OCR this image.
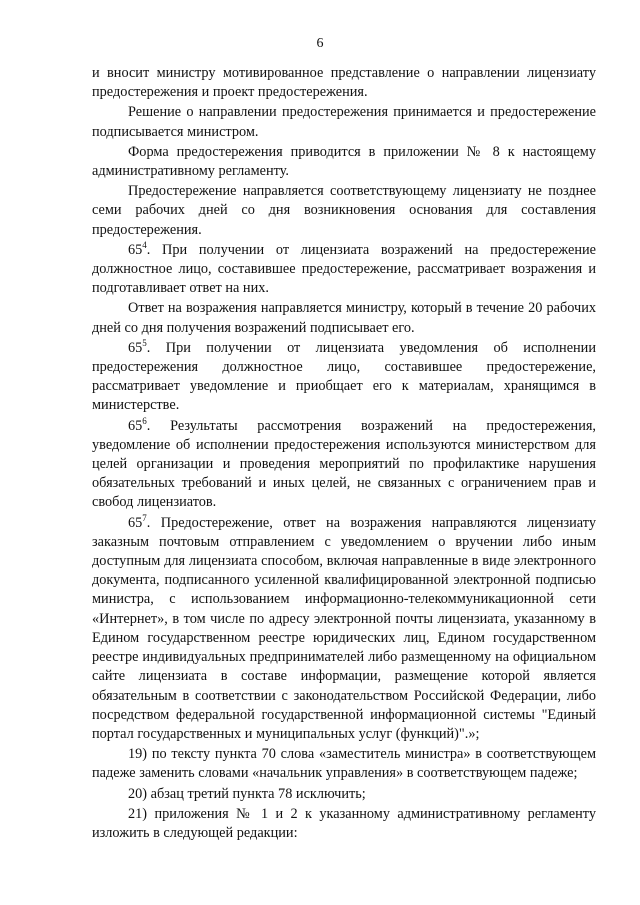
6

и вносит министру мотивированное представление о направлении лицензиату предостережения и проект предостережения.

Решение о направлении предостережения принимается и предостережение подписывается министром.

Форма предостережения приводится в приложении № 8 к настоящему административному регламенту.

Предостережение направляется соответствующему лицензиату не позднее семи рабочих дней со дня возникновения основания для составления предостережения.

$65^4$. При получении от лицензиата возражений на предостережение должностное лицо, составившее предостережение, рассматривает возражения и подготавливает ответ на них.

Ответ на возражения направляется министру, который в течение 20 рабочих дней со дня получения возражений подписывает его.

$65^5$. При получении от лицензиата уведомления об исполнении предостережения должностное лицо, составившее предостережение, рассматривает уведомление и приобщает его к материалам, хранящимся в министерстве.

$65^6$. Результаты рассмотрения возражений на предостережения, уведомление об исполнении предостережения используются министерством для целей организации и проведения мероприятий по профилактике нарушения обязательных требований и иных целей, не связанных с ограничением прав и свобод лицензиатов.

$65^7$. Предостережение, ответ на возражения направляются лицензиату заказным почтовым отправлением с уведомлением о вручении либо иным доступным для лицензиата способом, включая направленные в виде электронного документа, подписанного усиленной квалифицированной электронной подписью министра, с использованием информационно-телекоммуникационной сети «Интернет», в том числе по адресу электронной почты лицензиата, указанному в Едином государственном реестре юридических лиц, Едином государственном реестре индивидуальных предпринимателей либо размещенному на официальном сайте лицензиата в составе информации, размещение которой является обязательным в соответствии с законодательством Российской Федерации, либо посредством федеральной государственной информационной системы "Единый портал государственных и муниципальных услуг (функций)".»;

19) по тексту пункта 70 слова «заместитель министра» в соответствующем падеже заменить словами «начальник управления» в соответствующем падеже;

20) абзац третий пункта 78 исключить;

21) приложения № 1 и 2 к указанному административному регламенту изложить в следующей редакции:
